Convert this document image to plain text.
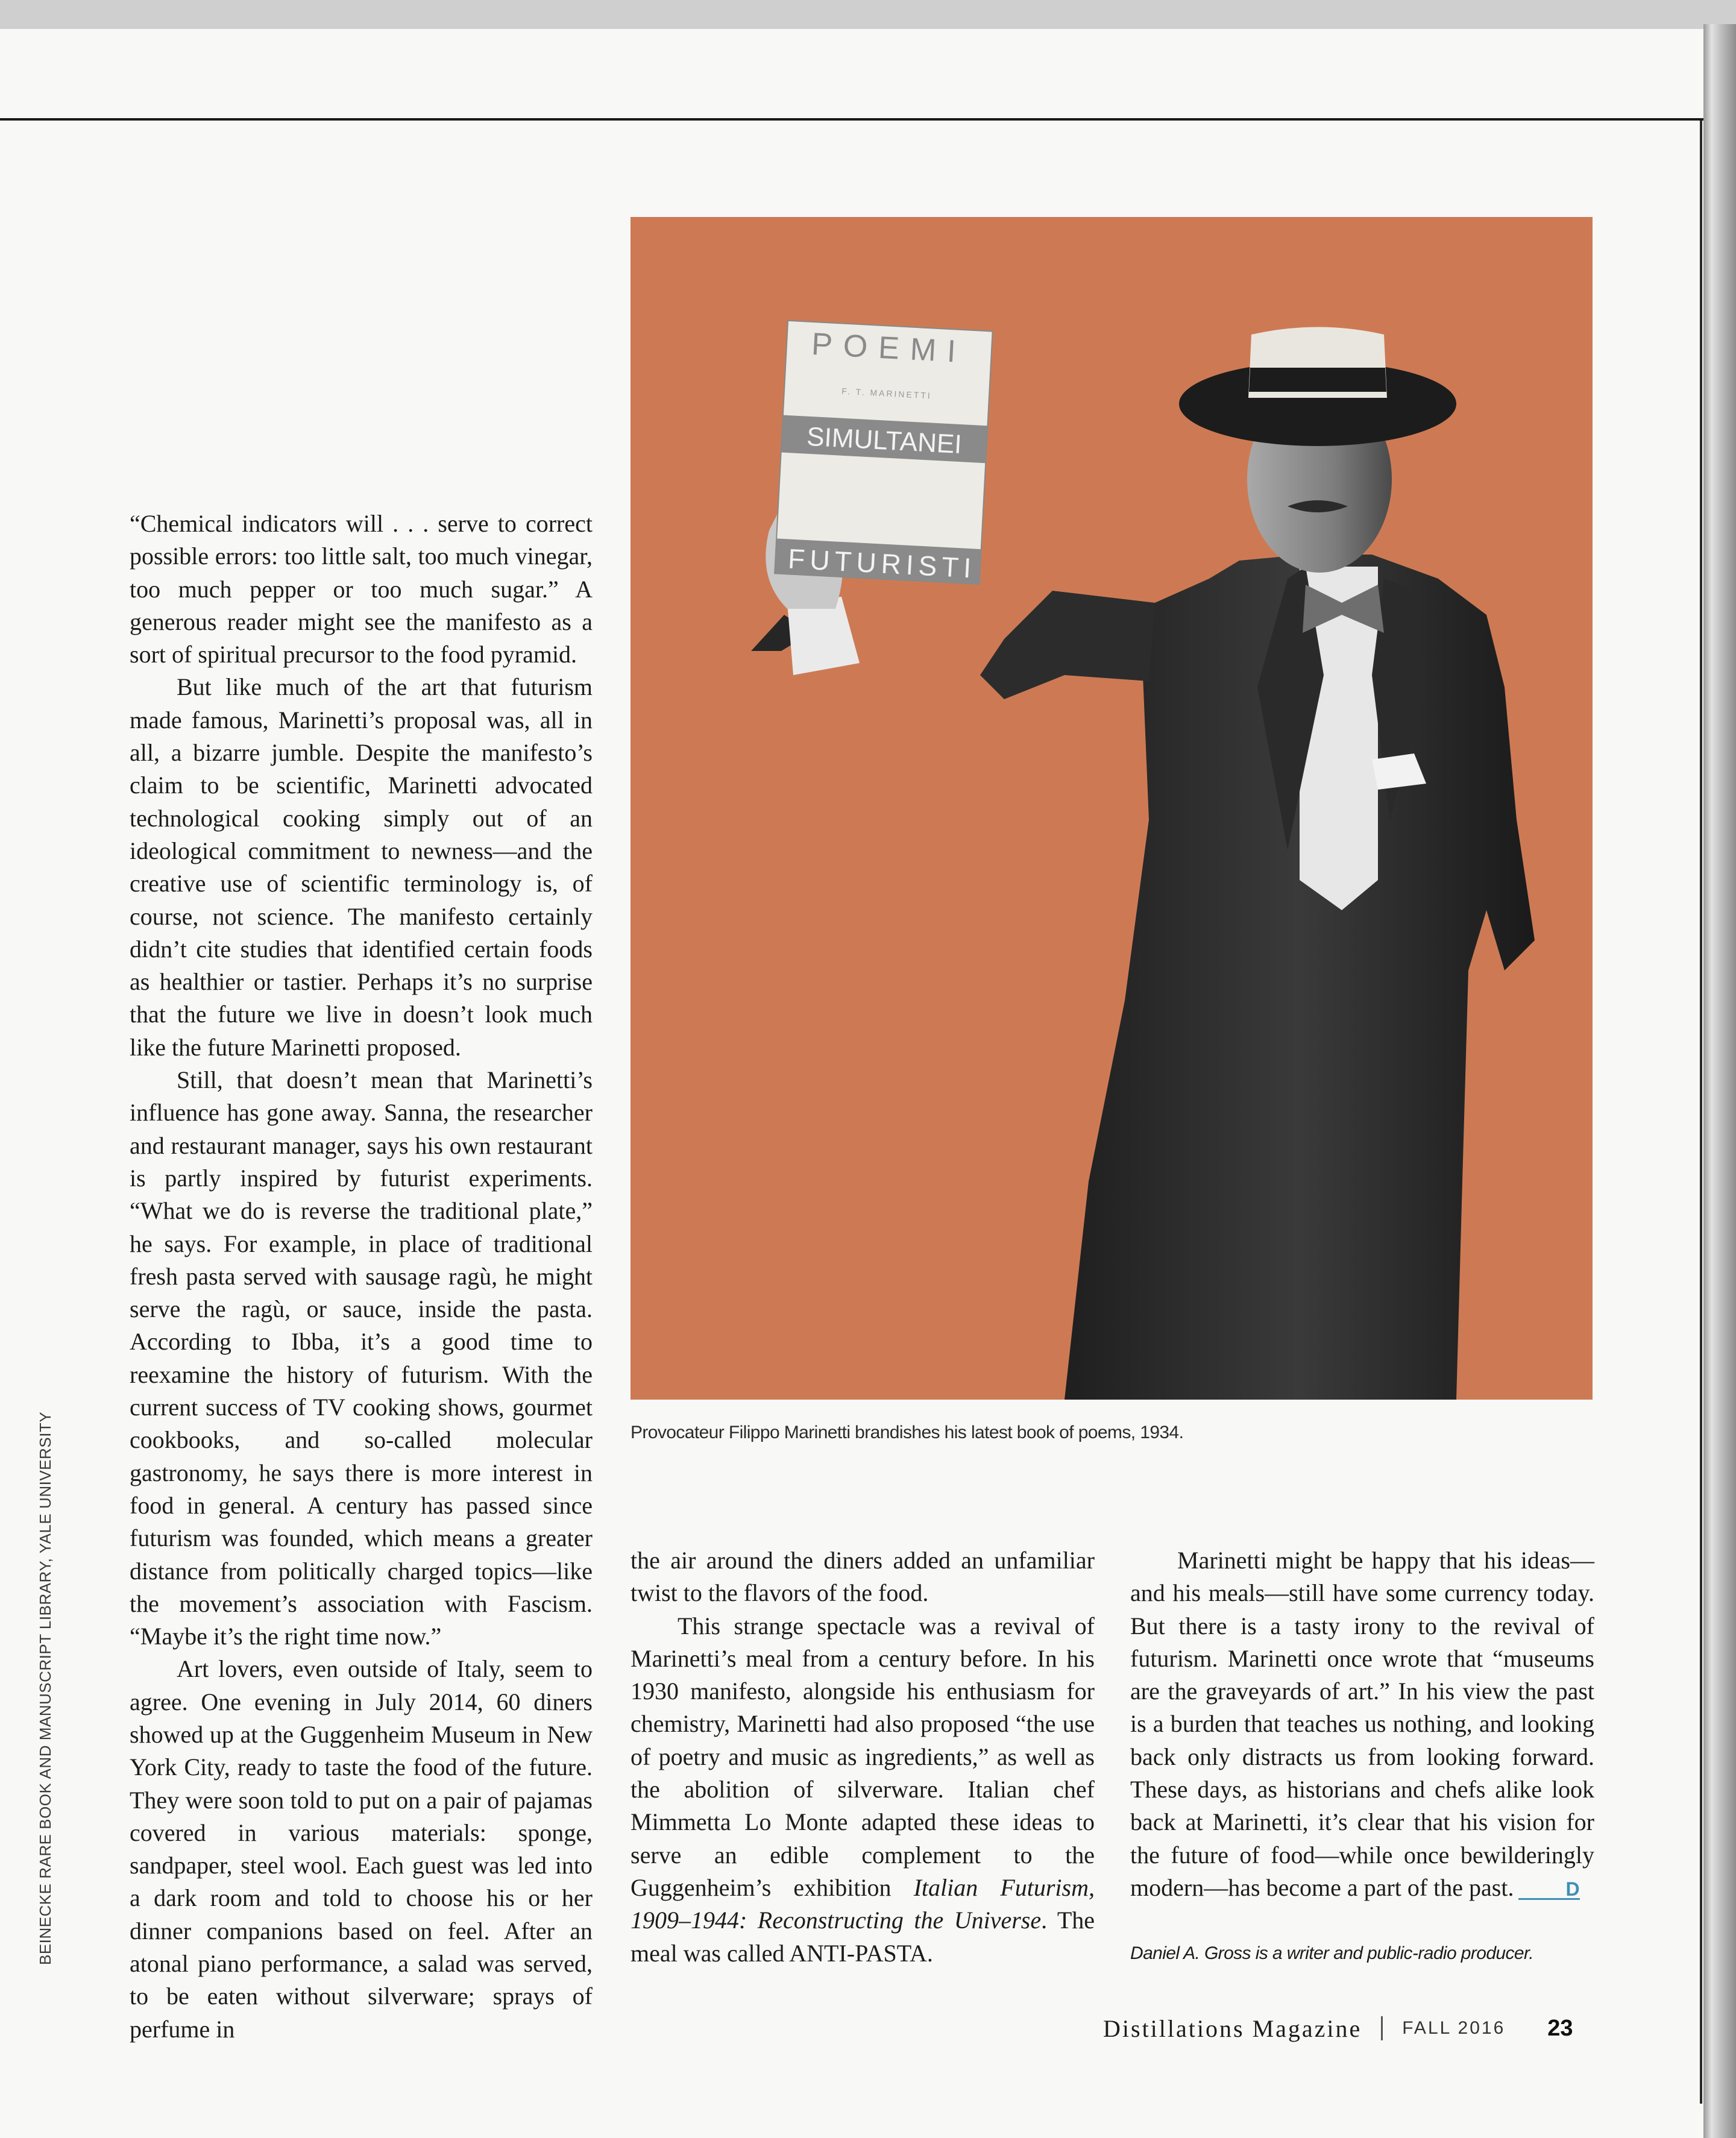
BEINECKE RARE BOOK AND MANUSCRIPT LIBRARY, YALE UNIVERSITY

“Chemical indicators will . . . serve to correct possible errors: too little salt, too much vinegar, too much pepper or too much sugar.” A generous reader might see the manifesto as a sort of spiritual precursor to the food pyramid.

But like much of the art that futurism made famous, Marinetti’s proposal was, all in all, a bizarre jumble. Despite the manifesto’s claim to be scientific, Marinetti advocated technological cooking simply out of an ideological commitment to newness—and the creative use of scientific terminology is, of course, not science. The manifesto certainly didn’t cite studies that identified certain foods as healthier or tastier. Perhaps it’s no surprise that the future we live in doesn’t look much like the future Marinetti proposed.

Still, that doesn’t mean that Marinetti’s influence has gone away. Sanna, the researcher and restaurant manager, says his own restaurant is partly inspired by futurist experiments. “What we do is reverse the traditional plate,” he says. For example, in place of traditional fresh pasta served with sausage ragù, he might serve the ragù, or sauce, inside the pasta. According to Ibba, it’s a good time to reexamine the history of futurism. With the current success of TV cooking shows, gourmet cookbooks, and so-called molecular gastronomy, he says there is more interest in food in general. A century has passed since futurism was founded, which means a greater distance from politically charged topics—like the movement’s association with Fascism. “Maybe it’s the right time now.”

Art lovers, even outside of Italy, seem to agree. One evening in July 2014, 60 diners showed up at the Guggenheim Museum in New York City, ready to taste the food of the future. They were soon told to put on a pair of pajamas covered in various materials: sponge, sandpaper, steel wool. Each guest was led into a dark room and told to choose his or her dinner companions based on feel. After an atonal piano performance, a salad was served, to be eaten without silverware; sprays of perfume in

POEMI
F. T. MARINETTI
SIMULTANEI
FUTURISTI
Provocateur Filippo Marinetti brandishes his latest book of poems, 1934.

the air around the diners added an unfamiliar twist to the flavors of the food.

This strange spectacle was a revival of Marinetti’s meal from a century before. In his 1930 manifesto, alongside his enthusiasm for chemistry, Marinetti had also proposed “the use of poetry and music as ingredients,” as well as the abolition of silverware. Italian chef Mimmetta Lo Monte adapted these ideas to serve an edible complement to the Guggenheim’s exhibition Italian Futurism, 1909–1944: Reconstructing the Universe. The meal was called ANTI-PASTA.

Marinetti might be happy that his ideas—and his meals—still have some currency today. But there is a tasty irony to the revival of futurism. Marinetti once wrote that “museums are the graveyards of art.” In his view the past is a burden that teaches us nothing, and looking back only distracts us from looking forward. These days, as historians and chefs alike look back at Marinetti, it’s clear that his vision for the future of food—while once bewilderingly modern—has become a part of the past.	D

Daniel A. Gross is a writer and public-radio producer.
Distillations Magazine FALL 2016 23
